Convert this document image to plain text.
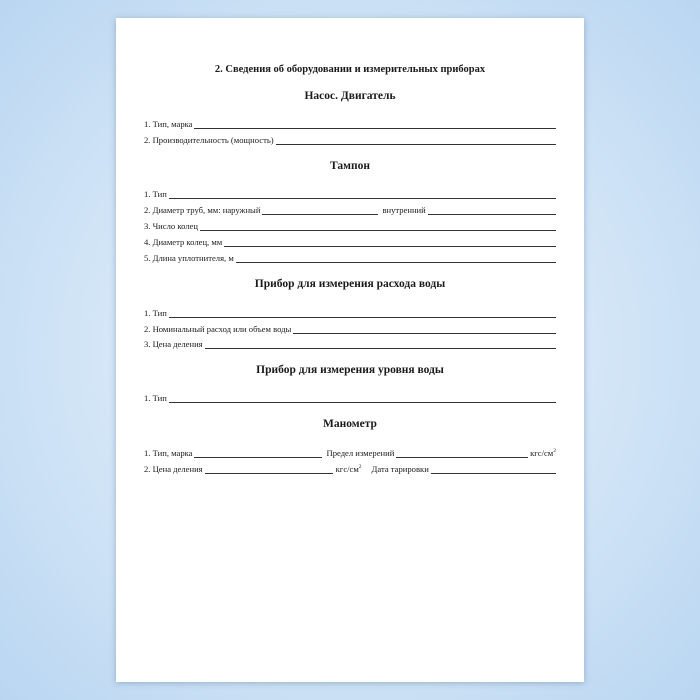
2. Сведения об оборудовании и измерительных приборах
Насос. Двигатель
1. Тип, марка
2. Производительность (мощность)
Тампон
1. Тип
2. Диаметр труб, мм: наружный	внутренний
3. Число колец
4. Диаметр колец, мм
5. Длина уплотнителя, м
Прибор для измерения расхода воды
1. Тип
2. Номинальный расход или объем воды
3. Цена деления
Прибор для измерения уровня воды
1. Тип
Манометр
1. Тип, марка	Предел измерений	кгс/$см^2$
2. Цена деления	кгс/$см^2$	Дата тарировки
